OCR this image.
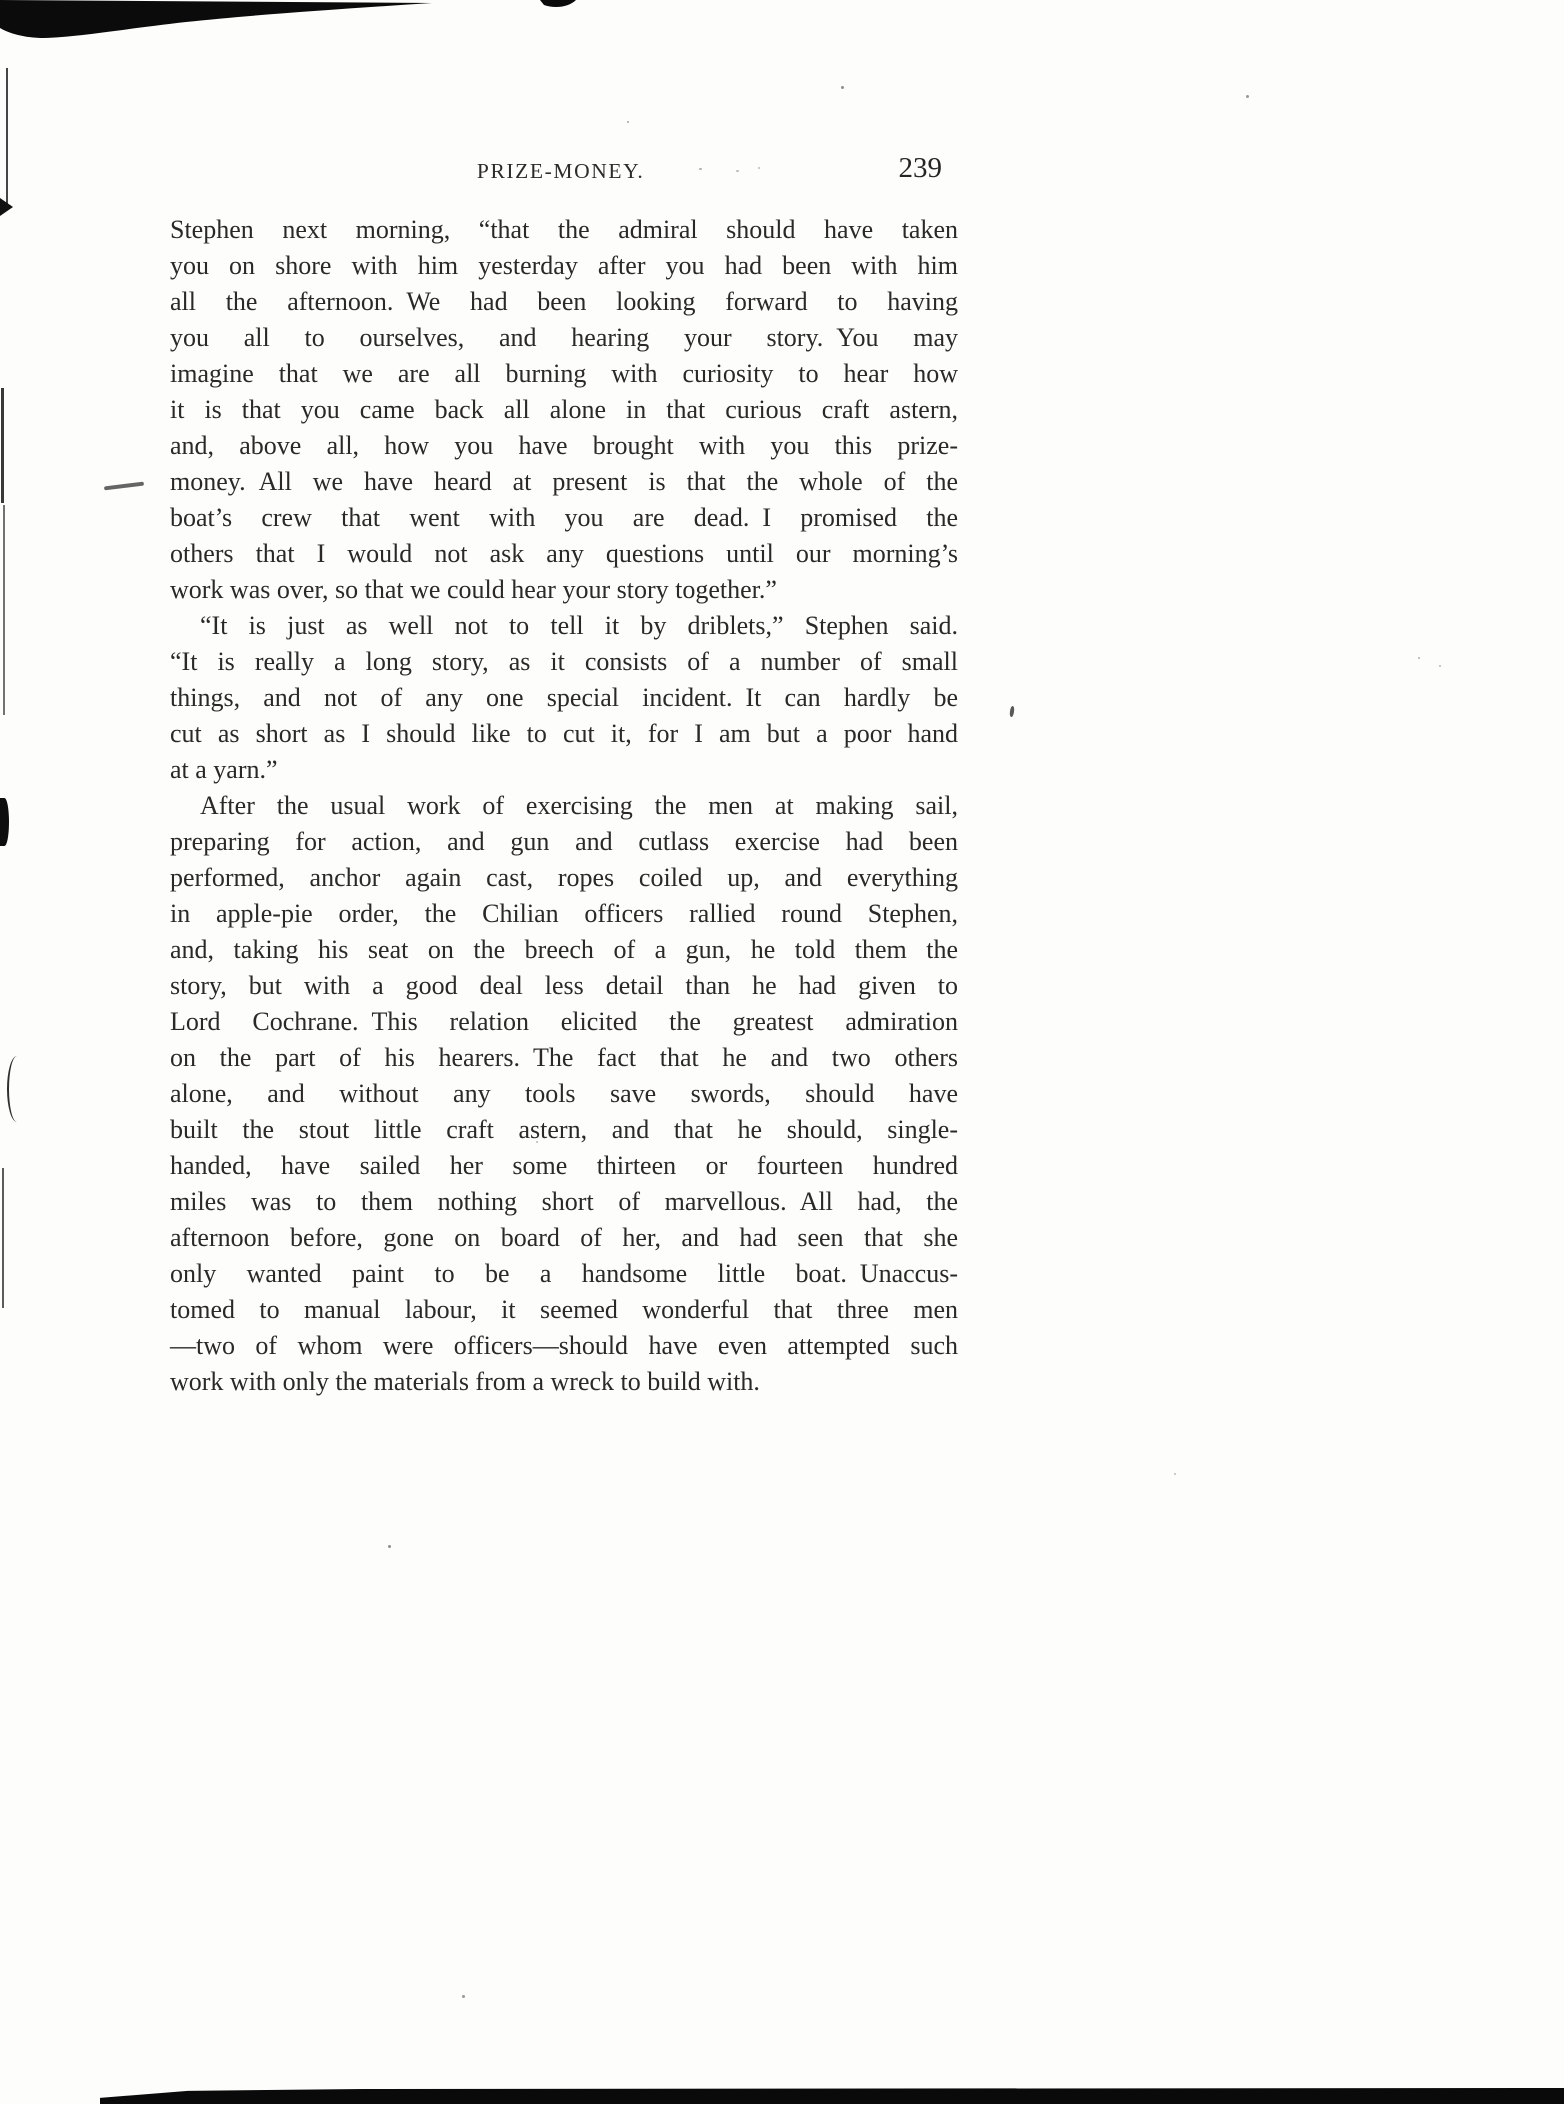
PRIZE-MONEY.	239
Stephen next morning, “that the admiral should have taken
you on shore with him yesterday after you had been with him
all the afternoon. We had been looking forward to having
you all to ourselves, and hearing your story. You may
imagine that we are all burning with curiosity to hear how
it is that you came back all alone in that curious craft astern,
and, above all, how you have brought with you this prize-
money. All we have heard at present is that the whole of the
boat’s crew that went with you are dead. I promised the
others that I would not ask any questions until our morning’s
work was over, so that we could hear your story together.”
“It is just as well not to tell it by driblets,” Stephen said.
“It is really a long story, as it consists of a number of small
things, and not of any one special incident. It can hardly be
cut as short as I should like to cut it, for I am but a poor hand
at a yarn.”
After the usual work of exercising the men at making sail,
preparing for action, and gun and cutlass exercise had been
performed, anchor again cast, ropes coiled up, and everything
in apple-pie order, the Chilian officers rallied round Stephen,
and, taking his seat on the breech of a gun, he told them the
story, but with a good deal less detail than he had given to
Lord Cochrane. This relation elicited the greatest admiration
on the part of his hearers. The fact that he and two others
alone, and without any tools save swords, should have
built the stout little craft astern, and that he should, single-
handed, have sailed her some thirteen or fourteen hundred
miles was to them nothing short of marvellous. All had, the
afternoon before, gone on board of her, and had seen that she
only wanted paint to be a handsome little boat. Unaccus-
tomed to manual labour, it seemed wonderful that three men
—two of whom were officers—should have even attempted such
work with only the materials from a wreck to build with.
